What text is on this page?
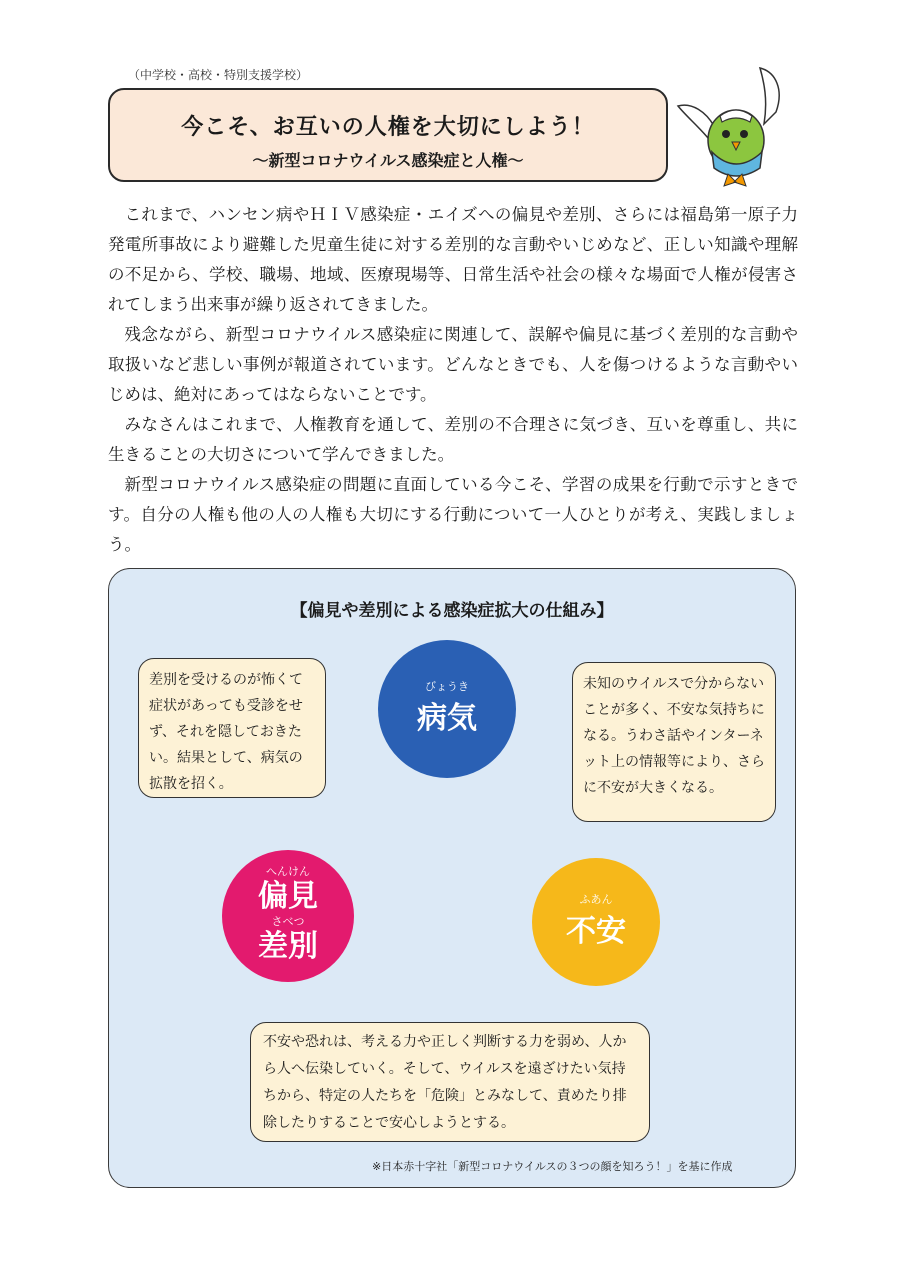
（中学校・高校・特別支援学校）
今こそ、お互いの人権を大切にしよう！
～新型コロナウイルス感染症と人権～

これまで、ハンセン病やＨＩＶ感染症・エイズへの偏見や差別、さらには福島第一原子力発電所事故により避難した児童生徒に対する差別的な言動やいじめなど、正しい知識や理解の不足から、学校、職場、地域、医療現場等、日常生活や社会の様々な場面で人権が侵害されてしまう出来事が繰り返されてきました。

残念ながら、新型コロナウイルス感染症に関連して、誤解や偏見に基づく差別的な言動や取扱いなど悲しい事例が報道されています。どんなときでも、人を傷つけるような言動やいじめは、絶対にあってはならないことです。

みなさんはこれまで、人権教育を通して、差別の不合理さに気づき、互いを尊重し、共に生きることの大切さについて学んできました。

新型コロナウイルス感染症の問題に直面している今こそ、学習の成果を行動で示すときです。自分の人権も他の人の人権も大切にする行動について一人ひとりが考え、実践しましょう。

【偏見や差別による感染症拡大の仕組み】
差別を受けるのが怖くて症状があっても受診をせず、それを隠しておきたい。結果として、病気の拡散を招く。
未知のウイルスで分からないことが多く、不安な気持ちになる。うわさ話やインターネット上の情報等により、さらに不安が大きくなる。
不安や恐れは、考える力や正しく判断する力を弱め、人から人へ伝染していく。そして、ウイルスを遠ざけたい気持ちから、特定の人たちを「危険」とみなして、責めたり排除したりすることで安心しようとする。
びょうき
病気
ふあん
不安
へんけん
偏見
さべつ
差別
※日本赤十字社「新型コロナウイルスの３つの顔を知ろう！」を基に作成
